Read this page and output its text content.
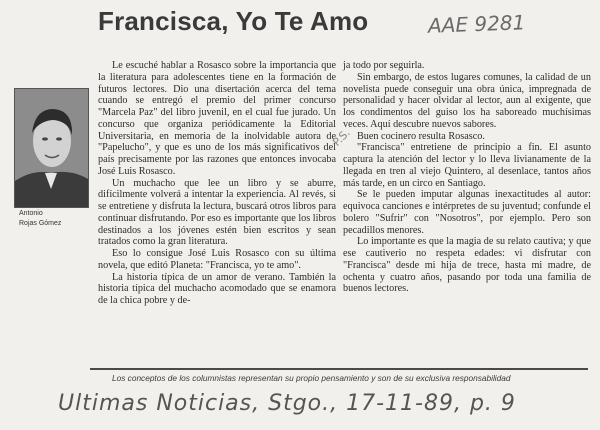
Francisca, Yo Te Amo	AAE 9281
Antonio
Rojas Gómez

Le escuché hablar a Rosasco sobre la importancia que la literatura para adolescentes tiene en la formación de futuros lectores. Dio una disertación acerca del tema cuando se entregó el premio del primer concurso "Marcela Paz" del libro juvenil, en el cual fue jurado. Un concurso que organiza periódicamente la Editorial Universitaria, en memoria de la inolvidable autora de "Papelucho", y que es uno de los más significativos del país precisamente por las razones que entonces invocaba José Luis Rosasco.

Un muchacho que lee un libro y se aburre, difícilmente volverá a intentar la experiencia. Al revés, si se entretiene y disfruta la lectura, buscará otros libros para continuar disfrutando. Por eso es importante que los libros destinados a los jóvenes estén bien escritos y sean tratados como la gran literatura.

Eso lo consigue José Luis Rosasco con su última novela, que editó Planeta: "Francisca, yo te amo".

La historia típica de un amor de verano. También la historia típica del muchacho acomodado que se enamora de la chica pobre y de-

P.S.

ja todo por seguirla.

Sin embargo, de estos lugares comunes, la calidad de un novelista puede conseguir una obra única, impregnada de personalidad y hacer olvidar al lector, aun al exigente, que los condimentos del guiso los ha saboreado muchísimas veces. Aquí descubre nuevos sabores.

Buen cocinero resulta Rosasco.

"Francisca" entretiene de principio a fin. El asunto captura la atención del lector y lo lleva livianamente de la llegada en tren al viejo Quintero, al desenlace, tantos años más tarde, en un circo en Santiago.

Se le pueden imputar algunas inexactitudes al autor: equivoca canciones e intérpretes de su juventud; confunde el bolero "Sufrir" con "Nosotros", por ejemplo. Pero son pecadillos menores.

Lo importante es que la magia de su relato cautiva; y que ese cautiverio no respeta edades: vi disfrutar con "Francisca" desde mi hija de trece, hasta mi madre, de ochenta y cuatro años, pasando por toda una familia de buenos lectores.

Los conceptos de los columnistas representan su propio pensamiento y son de su exclusiva responsabilidad
Ultimas Noticias, Stgo., 17-11-89, p. 9
